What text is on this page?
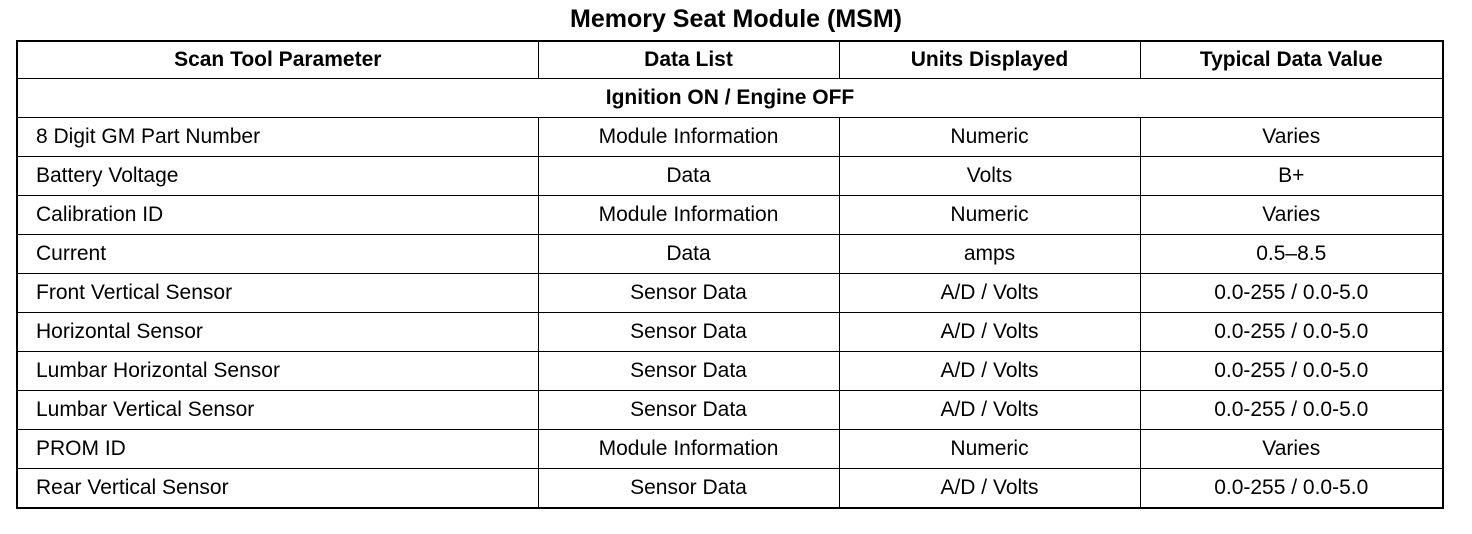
Memory Seat Module (MSM)
Scan Tool Parameter	Data List	Units Displayed	Typical Data Value
Ignition ON / Engine OFF			
8 Digit GM Part Number	Module Information	Numeric	Varies
Battery Voltage	Data	Volts	B+
Calibration ID	Module Information	Numeric	Varies
Current	Data	amps	0.5–8.5
Front Vertical Sensor	Sensor Data	A/D / Volts	0.0-255 / 0.0-5.0
Horizontal Sensor	Sensor Data	A/D / Volts	0.0-255 / 0.0-5.0
Lumbar Horizontal Sensor	Sensor Data	A/D / Volts	0.0-255 / 0.0-5.0
Lumbar Vertical Sensor	Sensor Data	A/D / Volts	0.0-255 / 0.0-5.0
PROM ID	Module Information	Numeric	Varies
Rear Vertical Sensor	Sensor Data	A/D / Volts	0.0-255 / 0.0-5.0
